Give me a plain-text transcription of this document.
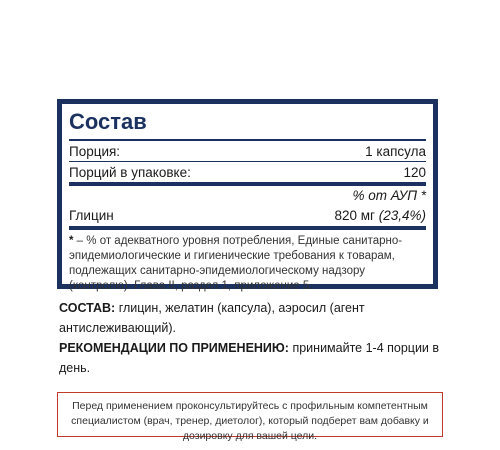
Состав
Порция:	1 капсула
Порций в упаковке:	120
% от АУП *
Глицин	820 мг (23,4%)
* – % от адекватного уровня потребления, Единые санитарно-эпидемиологические и гигиенические требования к товарам, подлежащих санитарно-эпидемиологическому надзору (контролю). Глава II, раздел 1, приложение 5.
СОСТАВ: глицин, желатин (капсула), аэросил (агент антислеживающий).
РЕКОМЕНДАЦИИ ПО ПРИМЕНЕНИЮ: принимайте 1-4 порции в день.
Перед применением проконсультируйтесь с профильным компетентным специалистом (врач, тренер, диетолог), который подберет вам добавку и дозировку для вашей цели.
